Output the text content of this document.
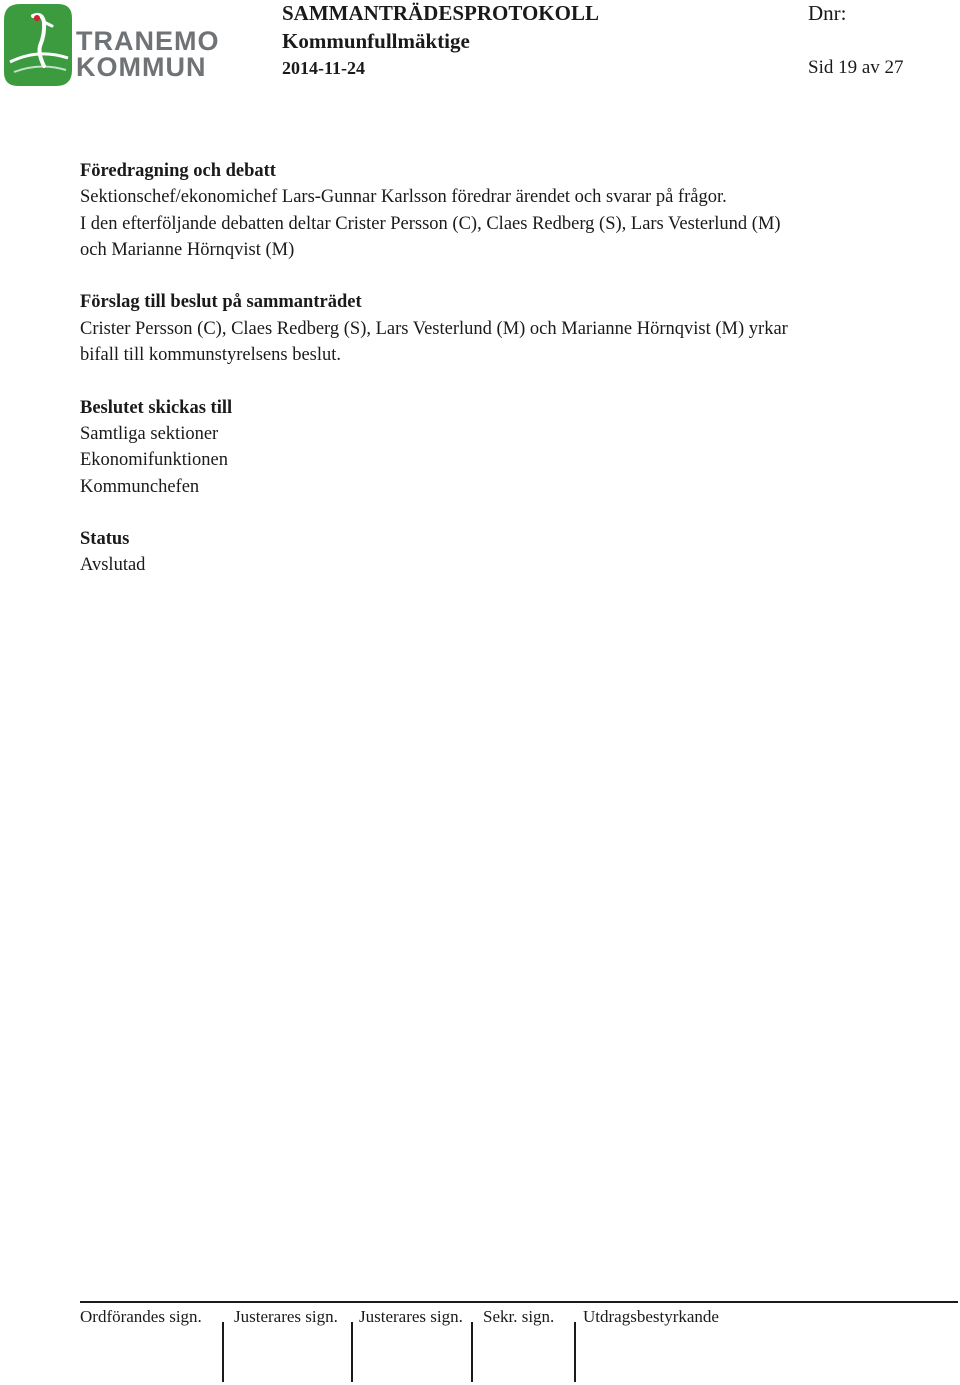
TRANEMO
KOMMUN
SAMMANTRÄDESPROTOKOLL
Kommunfullmäktige
2014-11-24
Dnr:
Sid 19 av 27

Föredragning och debatt

Sektionschef/ekonomichef Lars-Gunnar Karlsson föredrar ärendet och svarar på frågor.

I den efterföljande debatten deltar Crister Persson (C), Claes Redberg (S), Lars Vesterlund (M)

och Marianne Hörnqvist (M)

Förslag till beslut på sammanträdet

Crister Persson (C), Claes Redberg (S), Lars Vesterlund (M) och Marianne Hörnqvist (M) yrkar

bifall till kommunstyrelsens beslut.

Beslutet skickas till

Samtliga sektioner

Ekonomifunktionen

Kommunchefen

Status

Avslutad

Ordförandes sign. Justerares sign. Justerares sign. Sekr. sign. Utdragsbestyrkande
